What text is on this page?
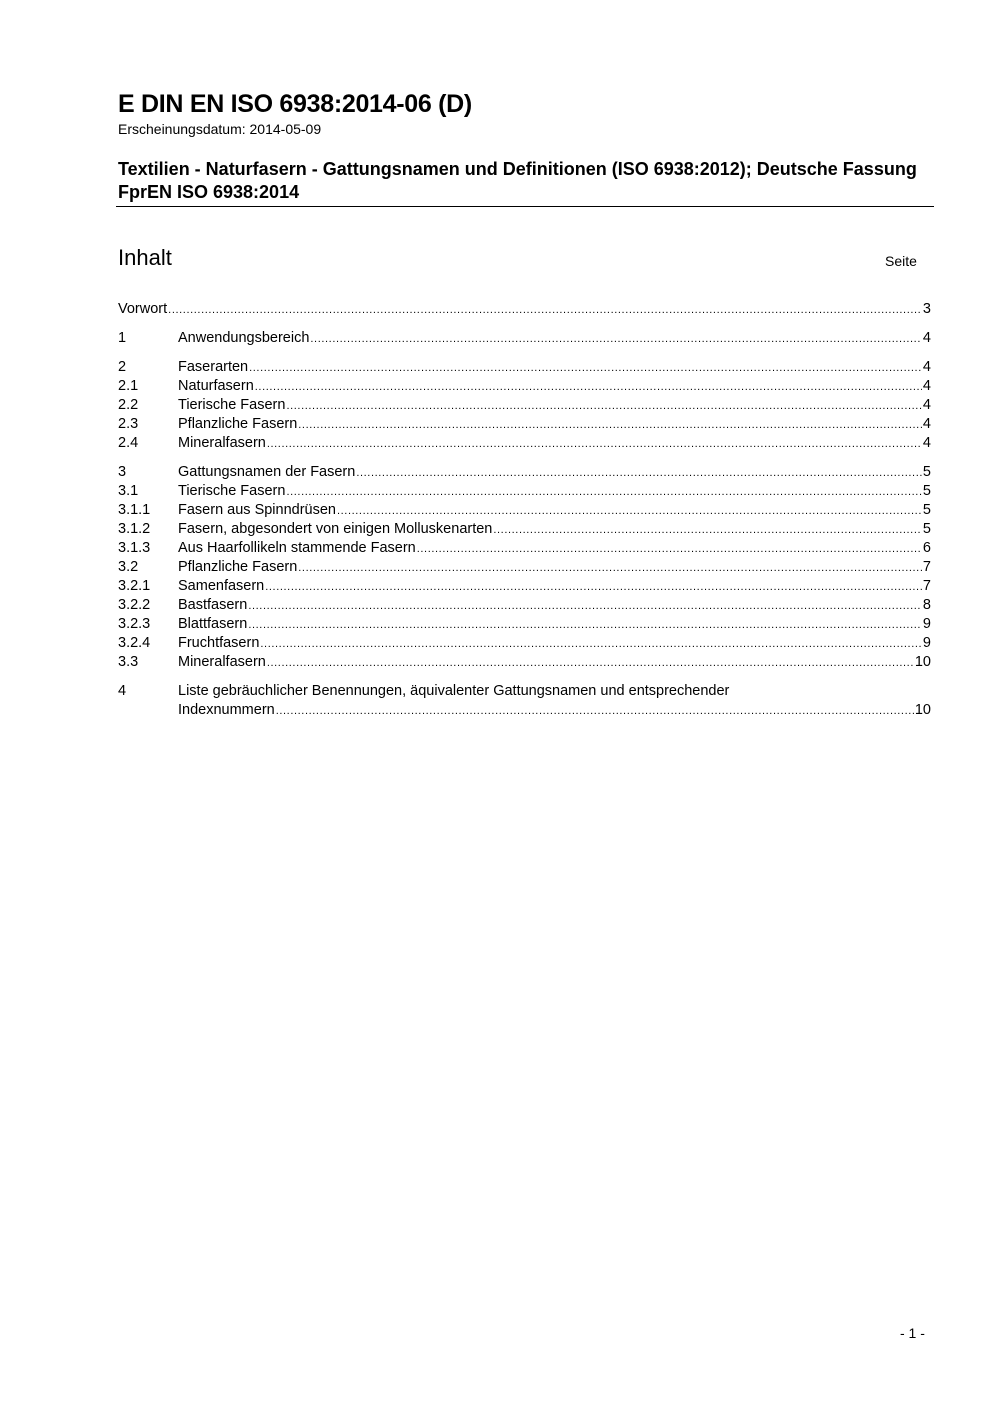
E DIN EN ISO 6938:2014-06 (D)
Erscheinungsdatum: 2014-05-09
Textilien - Naturfasern - Gattungsnamen und Definitionen (ISO 6938:2012); Deutsche Fassung FprEN ISO 6938:2014
Inhalt	Seite
Vorwort .....	3
1	Anwendungsbereich .....	4
2	Faserarten .....	4
2.1	Naturfasern .....	4
2.2	Tierische Fasern .....	4
2.3	Pflanzliche Fasern .....	4
2.4	Mineralfasern .....	4
3	Gattungsnamen der Fasern .....	5
3.1	Tierische Fasern .....	5
3.1.1 Fasern aus Spinndrüsen .....	5
3.1.2 Fasern, abgesondert von einigen Molluskenarten .....	5
3.1.3 Aus Haarfollikeln stammende Fasern .....	6
3.2	Pflanzliche Fasern .....	7
3.2.1 Samenfasern .....	7
3.2.2 Bastfasern .....	8
3.2.3 Blattfasern .....	9
3.2.4 Fruchtfasern .....	9
3.3	Mineralfasern .....	10
4	Liste gebräuchlicher Benennungen, äquivalenter Gattungsnamen und entsprechender
Indexnummern .....	10
- 1 -
